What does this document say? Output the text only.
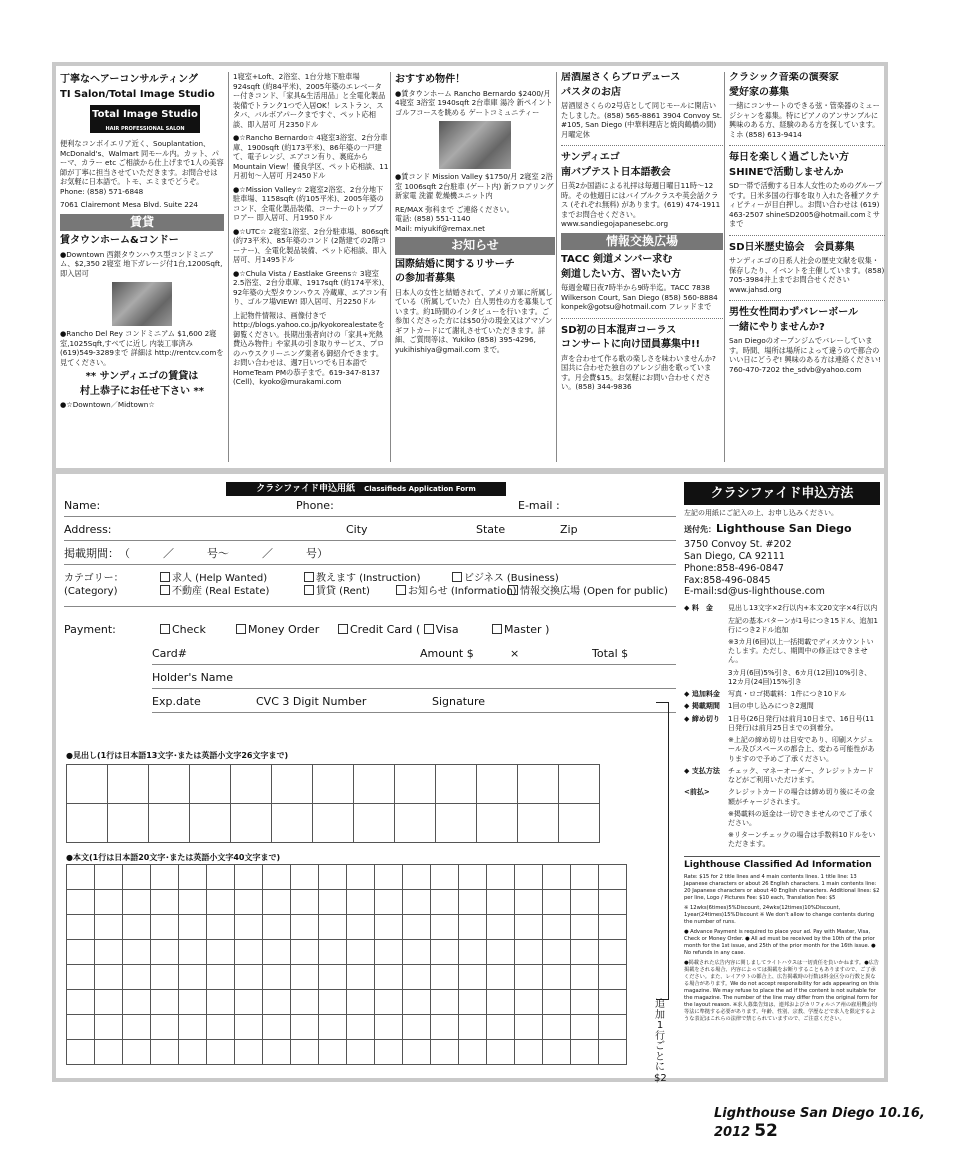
丁寧なヘアーコンサルティング
TI Salon/Total Image Studio
Total Image Studio
HAIR PROFESSIONAL SALON
便利なコンボイエリア近く、Souplantation、McDonald's、Walmart 同モール内。カット、パーマ、カラー etc ご相談から仕上げまで1人の美容師が丁寧に担当させていただきます。お問合せはお気軽に日本語で。トモ、エミまでどうぞ。Phone: (858) 571-6848
7061 Clairemont Mesa Blvd. Suite 224
賃貸
賃タウンホーム&コンドー
●Downtown 西銀タウンハウス型コンドミニアム、$2,350 2寝室 地下ガレージ付1台,1200Sqft,即入居可
●Rancho Del Rey コンドミニアム $1,600 2寝室,1025Sqft,すべてに近し 内装工事済み (619)549-3289まで 詳細は http://rentcv.comを見てください。
** サンディエゴの賃貸は
村上恭子にお任せ下さい **
●☆Downtown／Midtown☆
1寝室+Loft、2浴室、1台分地下駐車場 924sqft (約84平米)、2005年築のエレベーター付きコンド、「家具&生活用品」と全電化製品装備でトランク1つで入居OK！レストラン、スタバ、バルボアパークまですぐ、ペット応相談、即入居可 月2350ドル
●☆Rancho Bernardo☆ 4寝室3浴室、2台分車庫、1900sqft (約173平米)、86年築の一戸建て、電子レンジ、エアコン有り、裏庭からMountain View！優良学区、ペット応相談、11月初旬～入居可 月2450ドル
●☆Mission Valley☆ 2寝室2浴室、2台分地下駐車場、1158sqft (約105平米)、2005年築のコンド、全電化製品装備、コーナーのトッププロアー 即入居可、月1950ドル
●☆UTC☆ 2寝室1浴室、2台分駐車場、806sqft (約73平米)、85年築のコンド (2階建ての2階コーナー)、全電化製品装備、ペット応相談、即入居可、月1495ドル
●☆Chula Vista / Eastlake Greens☆ 3寝室2.5浴室、2台分車庫、1917sqft (約174平米)、92年築の大型タウンハウス 冷蔵庫、エアコン有り、ゴルフ場VIEW! 即入居可、月2250ドル
上記物件情報は、画像付きで http://blogs.yahoo.co.jp/kyokorealestateを御覧ください。長期出張者向けの「家具+光熱費込み物件」や家具の引き取りサービス、プロのハウスクリーニング業者も御紹介できます。お問い合わせは、週7日いつでも日本語で HomeTeam PMの恭子まで。619-347-8137 (Cell)、kyoko@murakami.com
おすすめ物件！
●賃タウンホーム Rancho Bernardo $2400/月 4寝室 3浴室 1940sqft 2台車庫 湯冷 新ペイント ゴルフコースを眺める ゲートコミュニティー
●賃コンド Mission Valley $1750/月 2寝室 2浴室 1006sqft 2台駐車 (ゲート内) 新フロアリング 新家電 洗濯 乾燥機ユニット内
RE/MAX 弥科まで ご連絡ください。
電話: (858) 551-1140
Mail: miyukif@remax.net
お知らせ
国際結婚に関するリサーチ
の参加者募集
日本人の女性と結婚されて、アメリカ軍に所属している（所属していた）白人男性の方を募集しています。約1時間のインタビューを行います。ご参加くださった方には$50分の現金又はアマゾンギフトカードにて謝礼させていただきます。詳細、ご質問等は、Yukiko (858) 395-4296, yukihishiya@gmail.com まで。
居酒屋さくらプロデュース
パスタのお店
居酒屋さくらの2号店として同じモールに開店いたしました。(858) 565-8861 3904 Convoy St. #105, San Diego (中華料理店と焼肉鶴橋の間) 月曜定休
サンディエゴ
南バプテスト日本語教会
日英2か国語による礼拝は毎週日曜日11時～12時。その他週日にはバイブルクラスや英会話クラス (それぞれ無料) があります。(619) 474-1911までお問合せください。www.sandiegojapanesebc.org
情報交換広場
TACC 剣道メンバー求む
剣道したい方、習いたい方
毎週金曜日夜7時半から9時半迄。TACC 7838 Wilkerson Court, San Diego (858) 560-8884 konpek@gotsu@hotmail.com フレッドまで
SD初の日本混声コーラス
コンサートに向け団員募集中!!
声を合わせて作る歌の楽しさを味わいませんか? 国共に合わせた独自のアレンジ曲を歌っています。月会費$15。お気軽にお問い合わせください。(858) 344-9836
クラシック音楽の演奏家
愛好家の募集
一緒にコンサートのできる弦・管楽器のミュージシャンを募集。特にピアノのアンサンブルに興味のある方、経験のある方を探しています。ミホ (858) 613-9414
毎日を楽しく過ごしたい方
SHINEで活動しませんか
SD一帯で活動する日本人女性のためのグループです。日米多国の行事を取り入れた各種アクティビティーが目白押し。お問い合わせは (619) 463-2507 shineSD2005@hotmail.comミサまで
SD日米歴史協会　会員募集
サンディエゴの日系人社会の歴史文献を収集・保存したり、イベントを主催しています。(858) 705-3984井上までお問合せください www.jahsd.org
男性女性問わずバレーボール
一緒にやりませんか?
San Diegoのオープンジムでバレーしています。時間、場所は場所によって違うので都合のいい日にどうぞ! 興味のある方は連絡ください! 760-470-7202 the_sdvb@yahoo.com
クラシファイド申込用紙　 Classifieds Application Form
Name:	Phone:	E-mail :
Address:	City	State	Zip
掲載期間：　（　　　／　　　号～　　　／　　　号）
カテゴリー：
(Category)
求人 (Help Wanted)	教えます (Instruction)	ビジネス (Business)
不動産 (Real Estate)	賃貸 (Rent)	お知らせ (Information) 情報交換広場 (Open for public)
Payment:	Check	Money Order	Credit Card ( Visa	Master )
Card#	Amount $	×	Total $
Holder's Name
Exp.date	CVC 3 Digit Number	Signature
●見出し(1行は日本語13文字･または英語小文字26文字まで)

●本文(1行は日本語20文字･または英語小文字40文字まで)

クラシファイド申込方法
左記の用紙にご記入の上、お申し込みください。
送付先：Lighthouse San Diego
3750 Convoy St. #202
San Diego, CA 92111
Phone:858-496-0847
Fax:858-496-0845
E-mail:sd@us-lighthouse.com
◆ 料　金	見出し13文字×2行以内+本文20文字×4行以内
左記の基本パターンが1号につき15ドル、追加1行につき2ドル追加
※3カ月(6回)以上一括掲載でディスカウントいたします。ただし、期間中の修正はできません。
3カ月(6回)5%引き、6カ月(12回)10%引き、12カ月(24回)15%引き
◆ 追加料金	写真・ロゴ掲載料：1件につき10ドル
◆ 掲載期間	1回の申し込みにつき2週間
◆ 締め切り	1日号(26日発行)は前月10日まで、16日号(11日発行)は前月25日までの到着分。
※上記の締め切りは目安であり、印刷スケジュール及びスペースの都合上、変わる可能性がありますので予めご了承ください。
◆ 支払方法	チェック、マネーオーダー、クレジットカードなどがご利用いただけます。
<前払>	クレジットカードの場合は締め切り後にその金額がチャージされます。
※掲載料の返金は一切できませんのでご了承ください。
※リターンチェックの場合は手数料10ドルをいただきます。
Lighthouse Classified Ad Information
Rate: $15 for 2 title lines and 4 main contents lines. 1 title line: 13 Japanese characters or about 26 English characters. 1 main contents line: 20 Japanese characters or about 40 English characters. Additional lines: $2 per line, Logo / Pictures Fee: $10 each, Translation Fee: $5
※ 12wks(6times)5%Discount, 24wks(12times)10%Discount, 1year(24times)15%Discount ※ We don't allow to change contents during the number of runs.
● Advance Payment is required to place your ad. Pay with Master, Visa, Check or Money Order. ● All ad must be received by the 10th of the prior month for the 1st issue, and 25th of the prior month for the 16th issue. ● No refunds in any case.
●掲載された広告内容に関しましてライトハウスは一切責任を負いかねます。●広告掲載をされる場合、内容によっては掲載をお断りすることもありますので、ご了承ください。また、レイアウトの都合上、広告掲載時の行数は料金区分の行数と異なる場合があります。We do not accept responsibility for ads appearing on this magazine. We may refuse to place the ad if the content is not suitable for the magazine. The number of the line may differ from the original form for the layout reason. ※求人募集告知は、連邦およびカリフォルニア州の雇用機会均等法に準拠する必要があります。年齢、性別、宗教、学歴などで求人を限定するような表記はこれらの法律で禁じられていますので、ご注意ください。
追加1行ごとに$2
Lighthouse San Diego 10.16, 2012 52
